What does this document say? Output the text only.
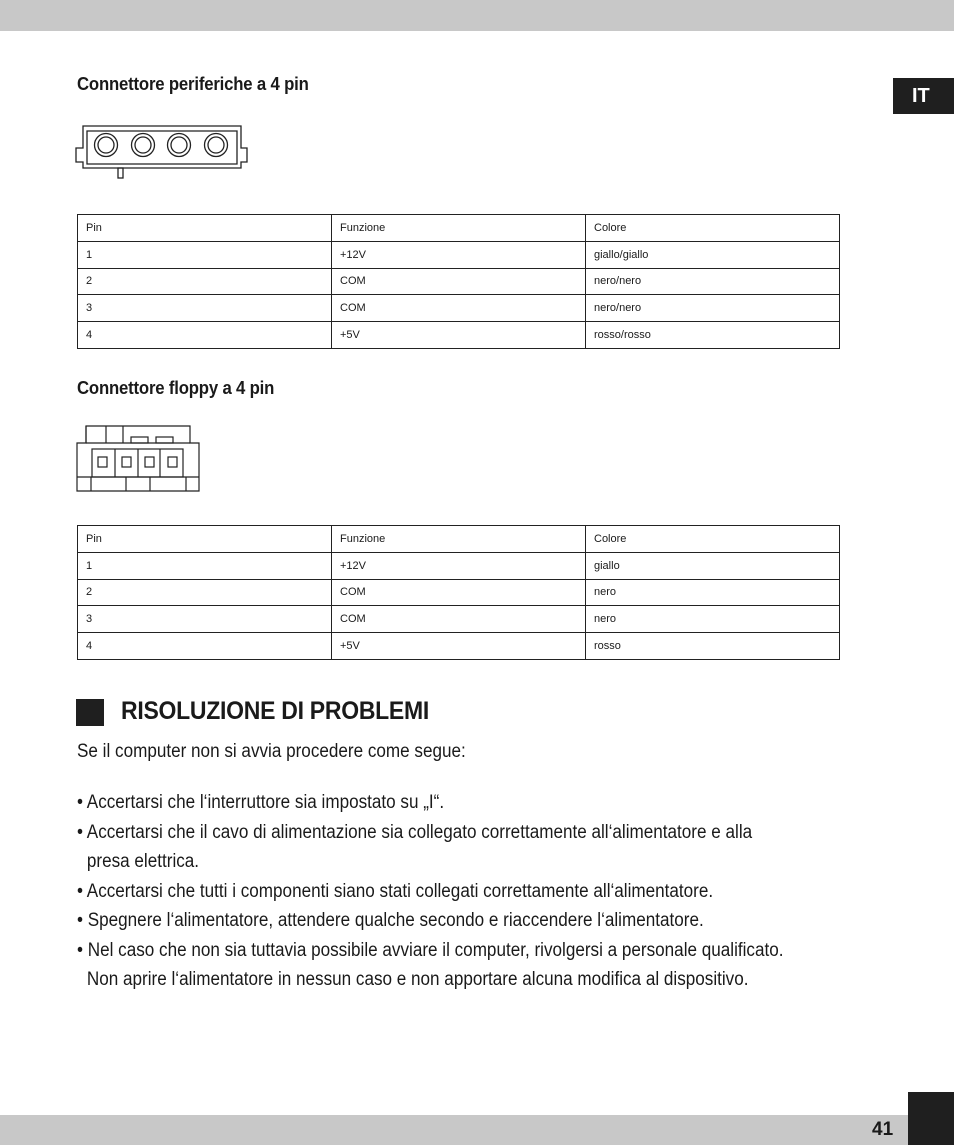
IT
Connettore periferiche a 4 pin
Pin	Funzione	Colore
1	+12V	giallo/giallo
2	COM	nero/nero
3	COM	nero/nero
4	+5V	rosso/rosso
Connettore floppy a 4 pin
Pin	Funzione	Colore
1	+12V	giallo
2	COM	nero
3	COM	nero
4	+5V	rosso
RISOLUZIONE DI PROBLEMI
Se il computer non si avvia procedere come segue:
• Accertarsi che l‘interruttore sia impostato su „I“.
• Accertarsi che il cavo di alimentazione sia collegato correttamente all‘alimentatore e alla
presa elettrica.
• Accertarsi che tutti i componenti siano stati collegati correttamente all‘alimentatore.
• Spegnere l‘alimentatore, attendere qualche secondo e riaccendere l‘alimentatore.
• Nel caso che non sia tuttavia possibile avviare il computer, rivolgersi a personale qualificato.
Non aprire l‘alimentatore in nessun caso e non apportare alcuna modifica al dispositivo.
41
